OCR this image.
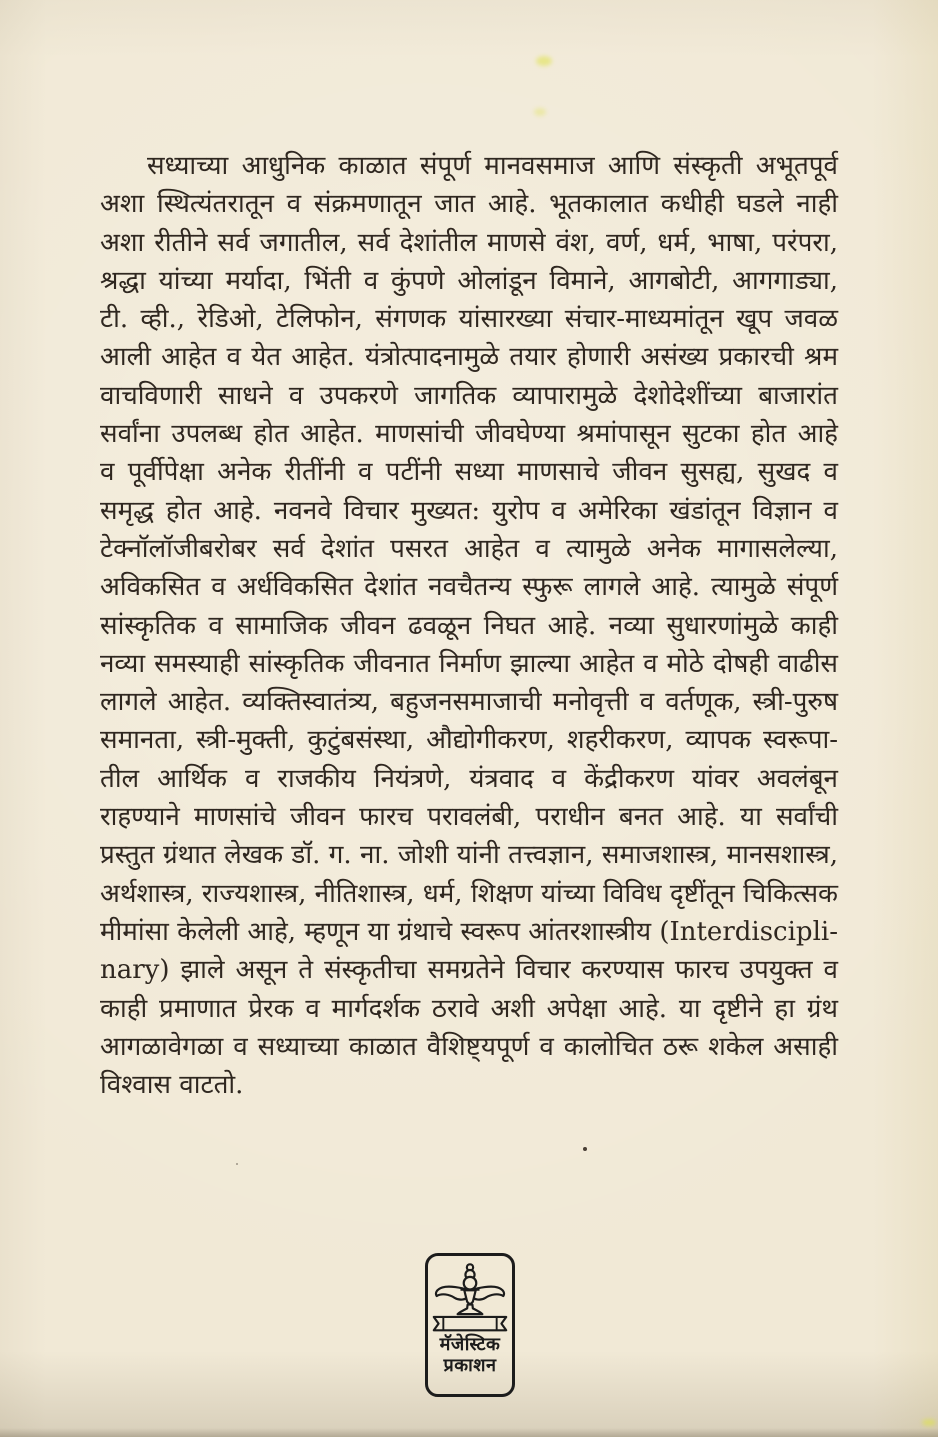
सध्याच्या आधुनिक काळात संपूर्ण मानवसमाज आणि संस्कृती अभूतपूर्व
अशा स्थित्यंतरातून व संक्रमणातून जात आहे. भूतकालात कधीही घडले नाही
अशा रीतीने सर्व जगातील, सर्व देशांतील माणसे वंश, वर्ण, धर्म, भाषा, परंपरा,
श्रद्धा यांच्या मर्यादा, भिंती व कुंपणे ओलांडून विमाने, आगबोटी, आगगाड्या,
टी. व्ही., रेडिओ, टेलिफोन, संगणक यांसारख्या संचार-माध्यमांतून खूप जवळ
आली आहेत व येत आहेत. यंत्रोत्पादनामुळे तयार होणारी असंख्य प्रकारची श्रम
वाचविणारी साधने व उपकरणे जागतिक व्यापारामुळे देशोदेशींच्या बाजारांत
सर्वांना उपलब्ध होत आहेत. माणसांची जीवघेण्या श्रमांपासून सुटका होत आहे
व पूर्वीपेक्षा अनेक रीतींनी व पटींनी सध्या माणसाचे जीवन सुसह्य, सुखद व
समृद्ध होत आहे. नवनवे विचार मुख्यत: युरोप व अमेरिका खंडांतून विज्ञान व
टेक्नॉलॉजीबरोबर सर्व देशांत पसरत आहेत व त्यामुळे अनेक मागासलेल्या,
अविकसित व अर्धविकसित देशांत नवचैतन्य स्फुरू लागले आहे. त्यामुळे संपूर्ण
सांस्कृतिक व सामाजिक जीवन ढवळून निघत आहे. नव्या सुधारणांमुळे काही
नव्या समस्याही सांस्कृतिक जीवनात निर्माण झाल्या आहेत व मोठे दोषही वाढीस
लागले आहेत. व्यक्तिस्वातंत्र्य, बहुजनसमाजाची मनोवृत्ती व वर्तणूक, स्त्री-पुरुष
समानता, स्त्री-मुक्ती, कुटुंबसंस्था, औद्योगीकरण, शहरीकरण, व्यापक स्वरूपा-
तील आर्थिक व राजकीय नियंत्रणे, यंत्रवाद व केंद्रीकरण यांवर अवलंबून
राहण्याने माणसांचे जीवन फारच परावलंबी, पराधीन बनत आहे. या सर्वांची
प्रस्तुत ग्रंथात लेखक डॉ. ग. ना. जोशी यांनी तत्त्वज्ञान, समाजशास्त्र, मानसशास्त्र,
अर्थशास्त्र, राज्यशास्त्र, नीतिशास्त्र, धर्म, शिक्षण यांच्या विविध दृष्टींतून चिकित्सक
मीमांसा केलेली आहे, म्हणून या ग्रंथाचे स्वरूप आंतरशास्त्रीय (Interdiscipli-
nary) झाले असून ते संस्कृतीचा समग्रतेने विचार करण्यास फारच उपयुक्त व
काही प्रमाणात प्रेरक व मार्गदर्शक ठरावे अशी अपेक्षा आहे. या दृष्टीने हा ग्रंथ
आगळावेगळा व सध्याच्या काळात वैशिष्ट्यपूर्ण व कालोचित ठरू शकेल असाही
विश्वास वाटतो.
मॅजेस्टिक
प्रकाशन
